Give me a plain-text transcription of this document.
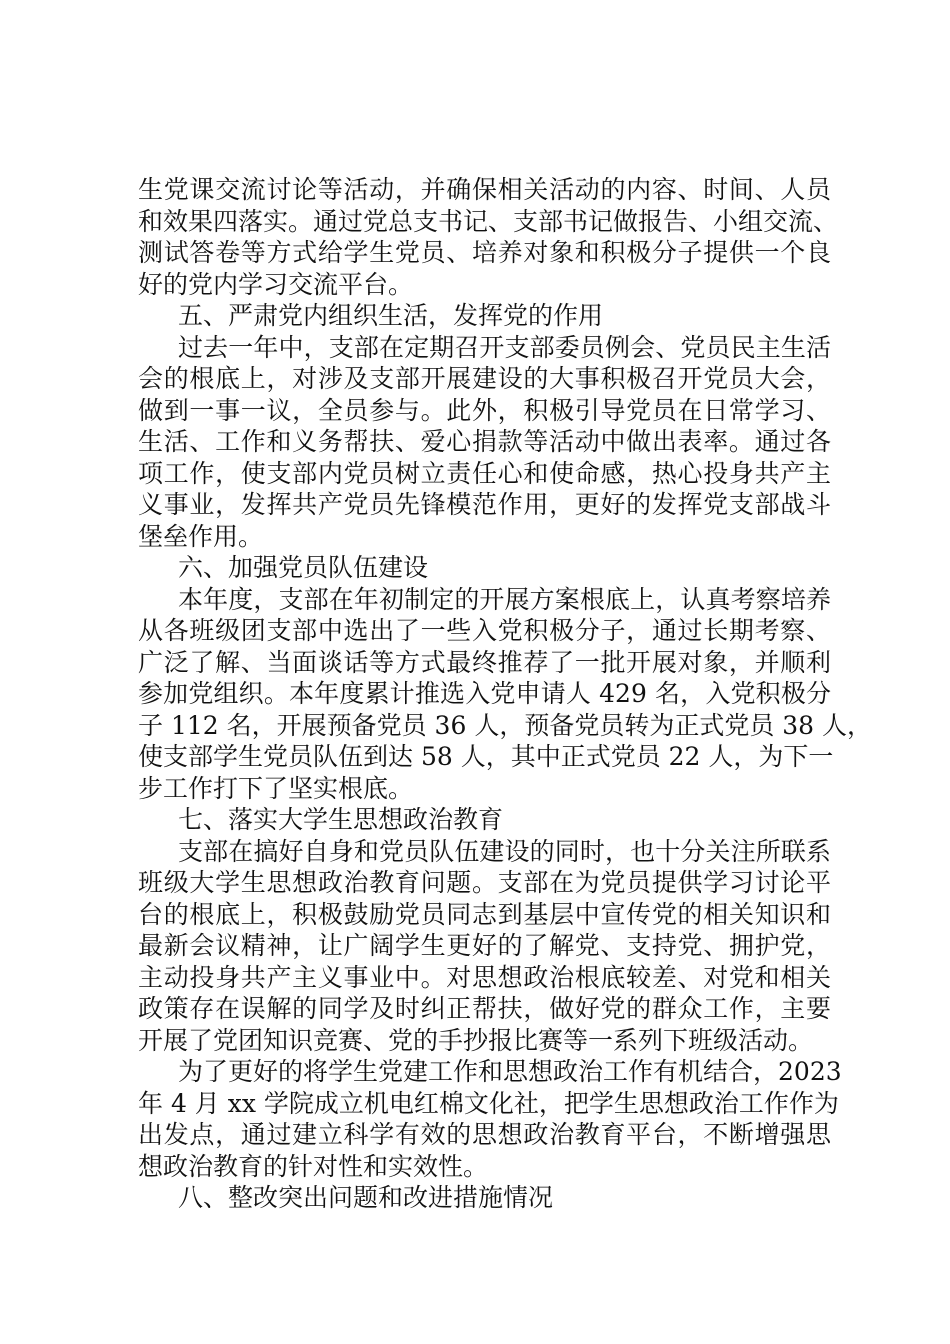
生党课交流讨论等活动，并确保相关活动的内容、时间、人员
和效果四落实。通过党总支书记、支部书记做报告、小组交流、
测试答卷等方式给学生党员、培养对象和积极分子提供一个良
好的党内学习交流平台。
五、严肃党内组织生活，发挥党的作用
过去一年中，支部在定期召开支部委员例会、党员民主生活
会的根底上，对涉及支部开展建设的大事积极召开党员大会，
做到一事一议，全员参与。此外，积极引导党员在日常学习、
生活、工作和义务帮扶、爱心捐款等活动中做出表率。通过各
项工作，使支部内党员树立责任心和使命感，热心投身共产主
义事业，发挥共产党员先锋模范作用，更好的发挥党支部战斗
堡垒作用。
六、加强党员队伍建设
本年度，支部在年初制定的开展方案根底上，认真考察培养
从各班级团支部中选出了一些入党积极分子，通过长期考察、
广泛了解、当面谈话等方式最终推荐了一批开展对象，并顺利
参加党组织。本年度累计推选入党申请人 429 名，入党积极分
子 112 名，开展预备党员 36 人，预备党员转为正式党员 38 人，
使支部学生党员队伍到达 58 人，其中正式党员 22 人，为下一
步工作打下了坚实根底。
七、落实大学生思想政治教育
支部在搞好自身和党员队伍建设的同时，也十分关注所联系
班级大学生思想政治教育问题。支部在为党员提供学习讨论平
台的根底上，积极鼓励党员同志到基层中宣传党的相关知识和
最新会议精神，让广阔学生更好的了解党、支持党、拥护党，
主动投身共产主义事业中。对思想政治根底较差、对党和相关
政策存在误解的同学及时纠正帮扶，做好党的群众工作，主要
开展了党团知识竞赛、党的手抄报比赛等一系列下班级活动。
为了更好的将学生党建工作和思想政治工作有机结合，2023
年 4 月 xx 学院成立机电红棉文化社，把学生思想政治工作作为
出发点，通过建立科学有效的思想政治教育平台，不断增强思
想政治教育的针对性和实效性。
八、整改突出问题和改进措施情况
